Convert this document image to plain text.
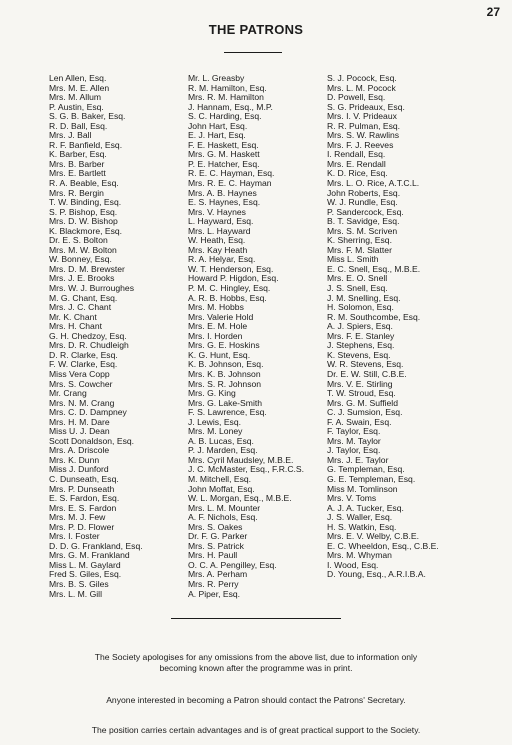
27
THE PATRONS
Len Allen, Esq.
Mrs. M. E. Allen
Mrs. M. Allum
P. Austin, Esq.
S. G. B. Baker, Esq.
R. D. Ball, Esq.
Mrs. J. Ball
R. F. Banfield, Esq.
K. Barber, Esq.
Mrs. B. Barber
Mrs. E. Bartlett
R. A. Beable, Esq.
Mrs. R. Bergin
T. W. Binding, Esq.
S. P. Bishop, Esq.
Mrs. D. W. Bishop
K. Blackmore, Esq.
Dr. E. S. Bolton
Mrs. M. W. Bolton
W. Bonney, Esq.
Mrs. D. M. Brewster
Mrs. J. E. Brooks
Mrs. W. J. Burroughes
M. G. Chant, Esq.
Mrs. J. C. Chant
Mr. K. Chant
Mrs. H. Chant
G. H. Chedzoy, Esq.
Mrs. D. R. Chudleigh
D. R. Clarke, Esq.
F. W. Clarke, Esq.
Miss Vera Copp
Mrs. S. Cowcher
Mr. Crang
Mrs. N. M. Crang
Mrs. C. D. Dampney
Mrs. H. M. Dare
Miss U. J. Dean
Scott Donaldson, Esq.
Mrs. A. Driscole
Mrs. K. Dunn
Miss J. Dunford
C. Dunseath, Esq.
Mrs. P. Dunseath
E. S. Fardon, Esq.
Mrs. E. S. Fardon
Mrs. M. J. Few
Mrs. P. D. Flower
Mrs. I. Foster
D. D. G. Frankland, Esq.
Mrs. G. M. Frankland
Miss L. M. Gaylard
Fred S. Giles, Esq.
Mrs. B. S. Giles
Mrs. L. M. Gill
Mr. L. Greasby
R. M. Hamilton, Esq.
Mrs. R. M. Hamilton
J. Hannam, Esq., M.P.
S. C. Harding, Esq.
John Hart, Esq.
E. J. Hart, Esq.
F. E. Haskett, Esq.
Mrs. G. M. Haskett
P. E. Hatcher, Esq.
R. E. C. Hayman, Esq.
Mrs. R. E. C. Hayman
Mrs. A. B. Haynes
E. S. Haynes, Esq.
Mrs. V. Haynes
L. Hayward, Esq.
Mrs. L. Hayward
W. Heath, Esq.
Mrs. Kay Heath
R. A. Helyar, Esq.
W. T. Henderson, Esq.
Howard P. Higdon, Esq.
P. M. C. Hingley, Esq.
A. R. B. Hobbs, Esq.
Mrs. M. Hobbs
Mrs. Valerie Hold
Mrs. E. M. Hole
Mrs. I. Horden
Mrs. G. E. Hoskins
K. G. Hunt, Esq.
K. B. Johnson, Esq.
Mrs. K. B. Johnson
Mrs. S. R. Johnson
Mrs. G. King
Mrs. G. Lake-Smith
F. S. Lawrence, Esq.
J. Lewis, Esq.
Mrs. M. Loney
A. B. Lucas, Esq.
P. J. Marden, Esq.
Mrs. Cyril Maudsley, M.B.E.
J. C. McMaster, Esq., F.R.C.S.
M. Mitchell, Esq.
John Moffat, Esq.
W. L. Morgan, Esq., M.B.E.
Mrs. L. M. Mounter
A. F. Nichols, Esq.
Mrs. S. Oakes
Dr. F. G. Parker
Mrs. S. Patrick
Mrs. H. Paull
O. C. A. Pengilley, Esq.
Mrs. A. Perham
Mrs. R. Perry
A. Piper, Esq.
S. J. Pocock, Esq.
Mrs. L. M. Pocock
D. Powell, Esq.
S. G. Prideaux, Esq.
Mrs. I. V. Prideaux
R. R. Pulman, Esq.
Mrs. S. W. Rawlins
Mrs. F. J. Reeves
I. Rendall, Esq.
Mrs. E. Rendall
K. D. Rice, Esq.
Mrs. L. O. Rice, A.T.C.L.
John Roberts, Esq.
W. J. Rundle, Esq.
P. Sandercock, Esq.
B. T. Savidge, Esq.
Mrs. S. M. Scriven
K. Sherring, Esq.
Mrs. F. M. Slatter
Miss L. Smith
E. C. Snell, Esq., M.B.E.
Mrs. E. O. Snell
J. S. Snell, Esq.
J. M. Snelling, Esq.
H. Solomon, Esq.
R. M. Southcombe, Esq.
A. J. Spiers, Esq.
Mrs. F. E. Stanley
J. Stephens, Esq.
K. Stevens, Esq.
W. R. Stevens, Esq.
Dr. E. W. Still, C.B.E.
Mrs. V. E. Stirling
T. W. Stroud, Esq.
Mrs. G. M. Suffield
C. J. Sumsion, Esq.
F. A. Swain, Esq.
F. Taylor, Esq.
Mrs. M. Taylor
J. Taylor, Esq.
Mrs. J. E. Taylor
G. Templeman, Esq.
G. E. Templeman, Esq.
Miss M. Tomlinson
Mrs. V. Toms
A. J. A. Tucker, Esq.
J. S. Waller, Esq.
H. S. Watkin, Esq.
Mrs. E. V. Welby, C.B.E.
E. C. Wheeldon, Esq., C.B.E.
Mrs. M. Whyman
I. Wood, Esq.
D. Young, Esq., A.R.I.B.A.
The Society apologises for any omissions from the above list, due to information only
becoming known after the programme was in print.
Anyone interested in becoming a Patron should contact the Patrons' Secretary.
The position carries certain advantages and is of great practical support to the Society.
